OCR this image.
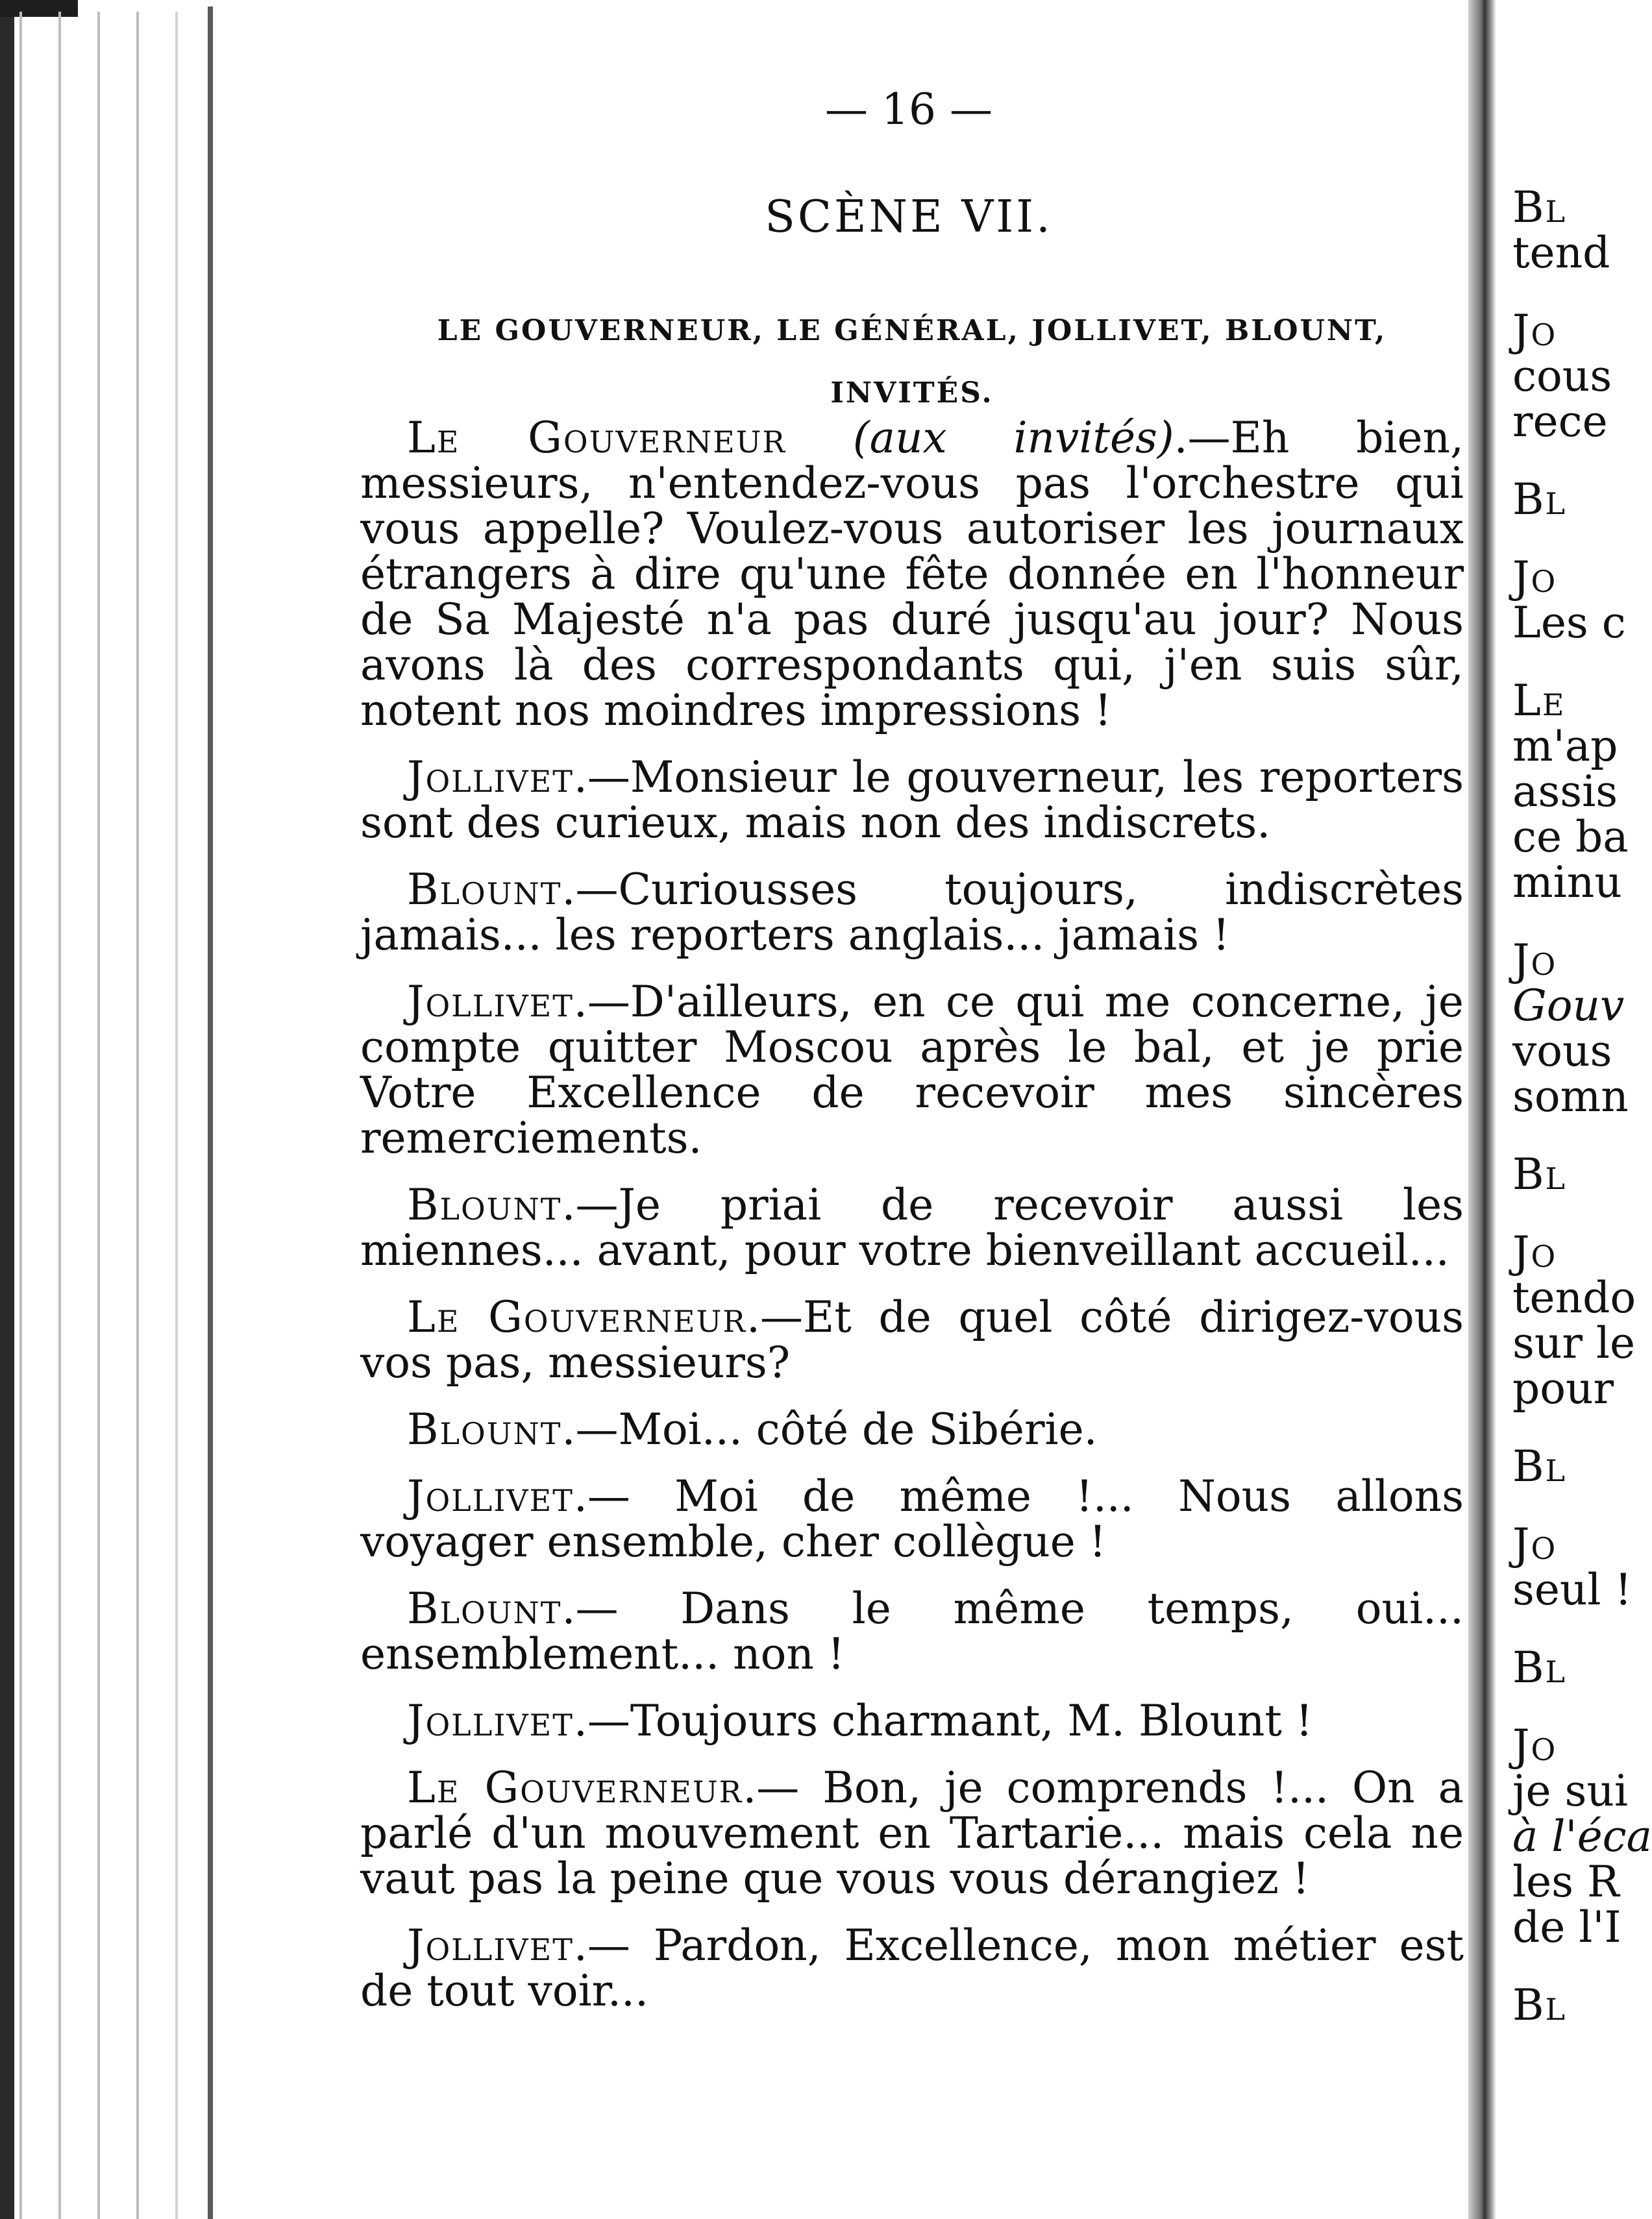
— 16 —
SCÈNE VII.
LE GOUVERNEUR, LE GÉNÉRAL, JOLLIVET, BLOUNT, INVITÉS.

Le Gouverneur (aux invités).—Eh bien, messieurs, n'entendez-vous pas l'orchestre qui vous appelle? Voulez-vous autoriser les journaux étrangers à dire qu'une fête donnée en l'honneur de Sa Majesté n'a pas duré jusqu'au jour? Nous avons là des correspondants qui, j'en suis sûr, notent nos moindres impressions !

Jollivet.—Monsieur le gouverneur, les reporters sont des curieux, mais non des indiscrets.

Blount.—Curiousses toujours, indiscrètes jamais... les reporters anglais... jamais !

Jollivet.—D'ailleurs, en ce qui me concerne, je compte quitter Moscou après le bal, et je prie Votre Excellence de recevoir mes sincères remerciements.

Blount.—Je priai de recevoir aussi les miennes... avant, pour votre bienveillant accueil...

Le Gouverneur.—Et de quel côté dirigez-vous vos pas, messieurs?

Blount.—Moi... côté de Sibérie.

Jollivet.— Moi de même !... Nous allons voyager ensemble, cher collègue !

Blount.— Dans le même temps, oui... ensemblement... non !

Jollivet.—Toujours charmant, M. Blount !

Le Gouverneur.— Bon, je comprends !... On a parlé d'un mouvement en Tartarie... mais cela ne vaut pas la peine que vous vous dérangiez !

Jollivet.— Pardon, Excellence, mon métier est de tout voir...

Bl
tend
Jo
cous
rece
Bl
Jo
Les c
Le
m'ap
assis
ce ba
minu
Jo
Gouv
vous
somn
Bl
Jo
tendo
sur le
pour
Bl
Jo
seul !
Bl
Jo
je sui
à l'éca
les R
de l'I
Bl
